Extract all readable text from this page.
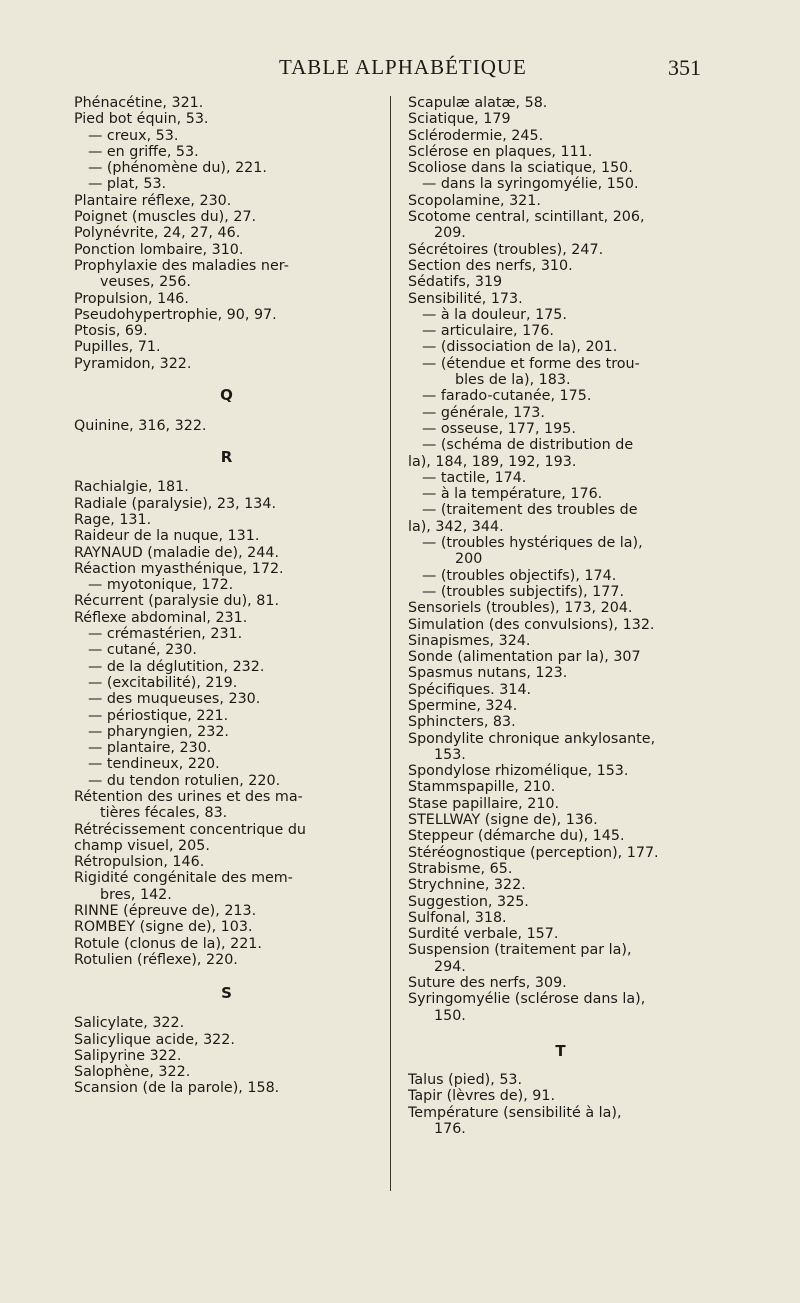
TABLE ALPHABÉTIQUE	351
Phénacétine, 321.
Pied bot équin, 53.
— creux, 53.
— en griffe, 53.
— (phénomène du), 221.
— plat, 53.
Plantaire réflexe, 230.
Poignet (muscles du), 27.
Polynévrite, 24, 27, 46.
Ponction lombaire, 310.
Prophylaxie des maladies ner-
veuses, 256.
Propulsion, 146.
Pseudohypertrophie, 90, 97.
Ptosis, 69.
Pupilles, 71.
Pyramidon, 322.
Q
Quinine, 316, 322.
R
Rachialgie, 181.
Radiale (paralysie), 23, 134.
Rage, 131.
Raideur de la nuque, 131.
RAYNAUD (maladie de), 244.
Réaction myasthénique, 172.
— myotonique, 172.
Récurrent (paralysie du), 81.
Réflexe abdominal, 231.
— crémastérien, 231.
— cutané, 230.
— de la déglutition, 232.
— (excitabilité), 219.
— des muqueuses, 230.
— périostique, 221.
— pharyngien, 232.
— plantaire, 230.
— tendineux, 220.
— du tendon rotulien, 220.
Rétention des urines et des ma-
tières fécales, 83.
Rétrécissement concentrique du
champ visuel, 205.
Rétropulsion, 146.
Rigidité congénitale des mem-
bres, 142.
RINNE (épreuve de), 213.
ROMBEY (signe de), 103.
Rotule (clonus de la), 221.
Rotulien (réflexe), 220.
S
Salicylate, 322.
Salicylique acide, 322.
Salipyrine 322.
Salophène, 322.
Scansion (de la parole), 158.
Scapulæ alatæ, 58.
Sciatique, 179
Sclérodermie, 245.
Sclérose en plaques, 111.
Scoliose dans la sciatique, 150.
— dans la syringomyélie, 150.
Scopolamine, 321.
Scotome central, scintillant, 206,
209.
Sécrétoires (troubles), 247.
Section des nerfs, 310.
Sédatifs, 319
Sensibilité, 173.
— à la douleur, 175.
— articulaire, 176.
— (dissociation de la), 201.
— (étendue et forme des trou-
bles de la), 183.
— farado-cutanée, 175.
— générale, 173.
— osseuse, 177, 195.
— (schéma de distribution de
la), 184, 189, 192, 193.
— tactile, 174.
— à la température, 176.
— (traitement des troubles de
la), 342, 344.
— (troubles hystériques de la),
200
— (troubles objectifs), 174.
— (troubles subjectifs), 177.
Sensoriels (troubles), 173, 204.
Simulation (des convulsions), 132.
Sinapismes, 324.
Sonde (alimentation par la), 307
Spasmus nutans, 123.
Spécifiques. 314.
Spermine, 324.
Sphincters, 83.
Spondylite chronique ankylosante,
153.
Spondylose rhizomélique, 153.
Stammspapille, 210.
Stase papillaire, 210.
STELLWAY (signe de), 136.
Steppeur (démarche du), 145.
Stéréognostique (perception), 177.
Strabisme, 65.
Strychnine, 322.
Suggestion, 325.
Sulfonal, 318.
Surdité verbale, 157.
Suspension (traitement par la),
294.
Suture des nerfs, 309.
Syringomyélie (sclérose dans la),
150.
T
Talus (pied), 53.
Tapir (lèvres de), 91.
Température (sensibilité à la),
176.
